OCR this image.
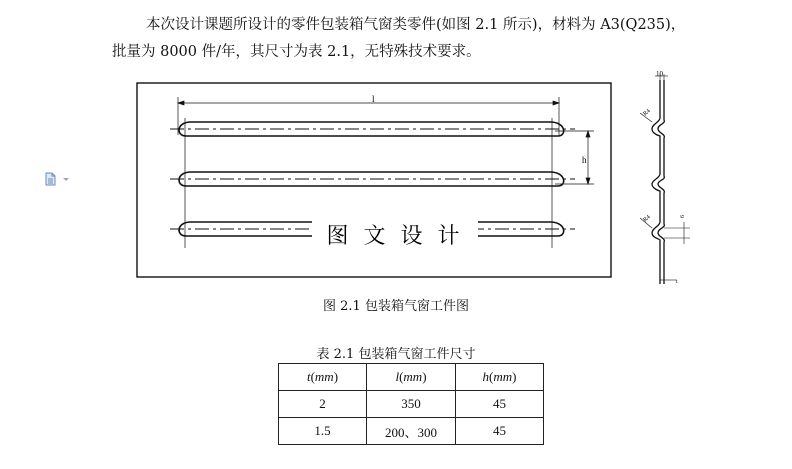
本次设计课题所设计的零件包装箱气窗类零件(如图 2.1 所示)，材料为 A3(Q235)，
批量为 8000 件/年，其尺寸为表 2.1，无特殊技术要求。
l
h
图 文 设 计
10
R4
R4	6
t
图 2.1 包装箱气窗工件图
表 2.1 包装箱气窗工件尺寸
t(mm)	l(mm)	h(mm)
2	350	45
1.5	200、300	45
